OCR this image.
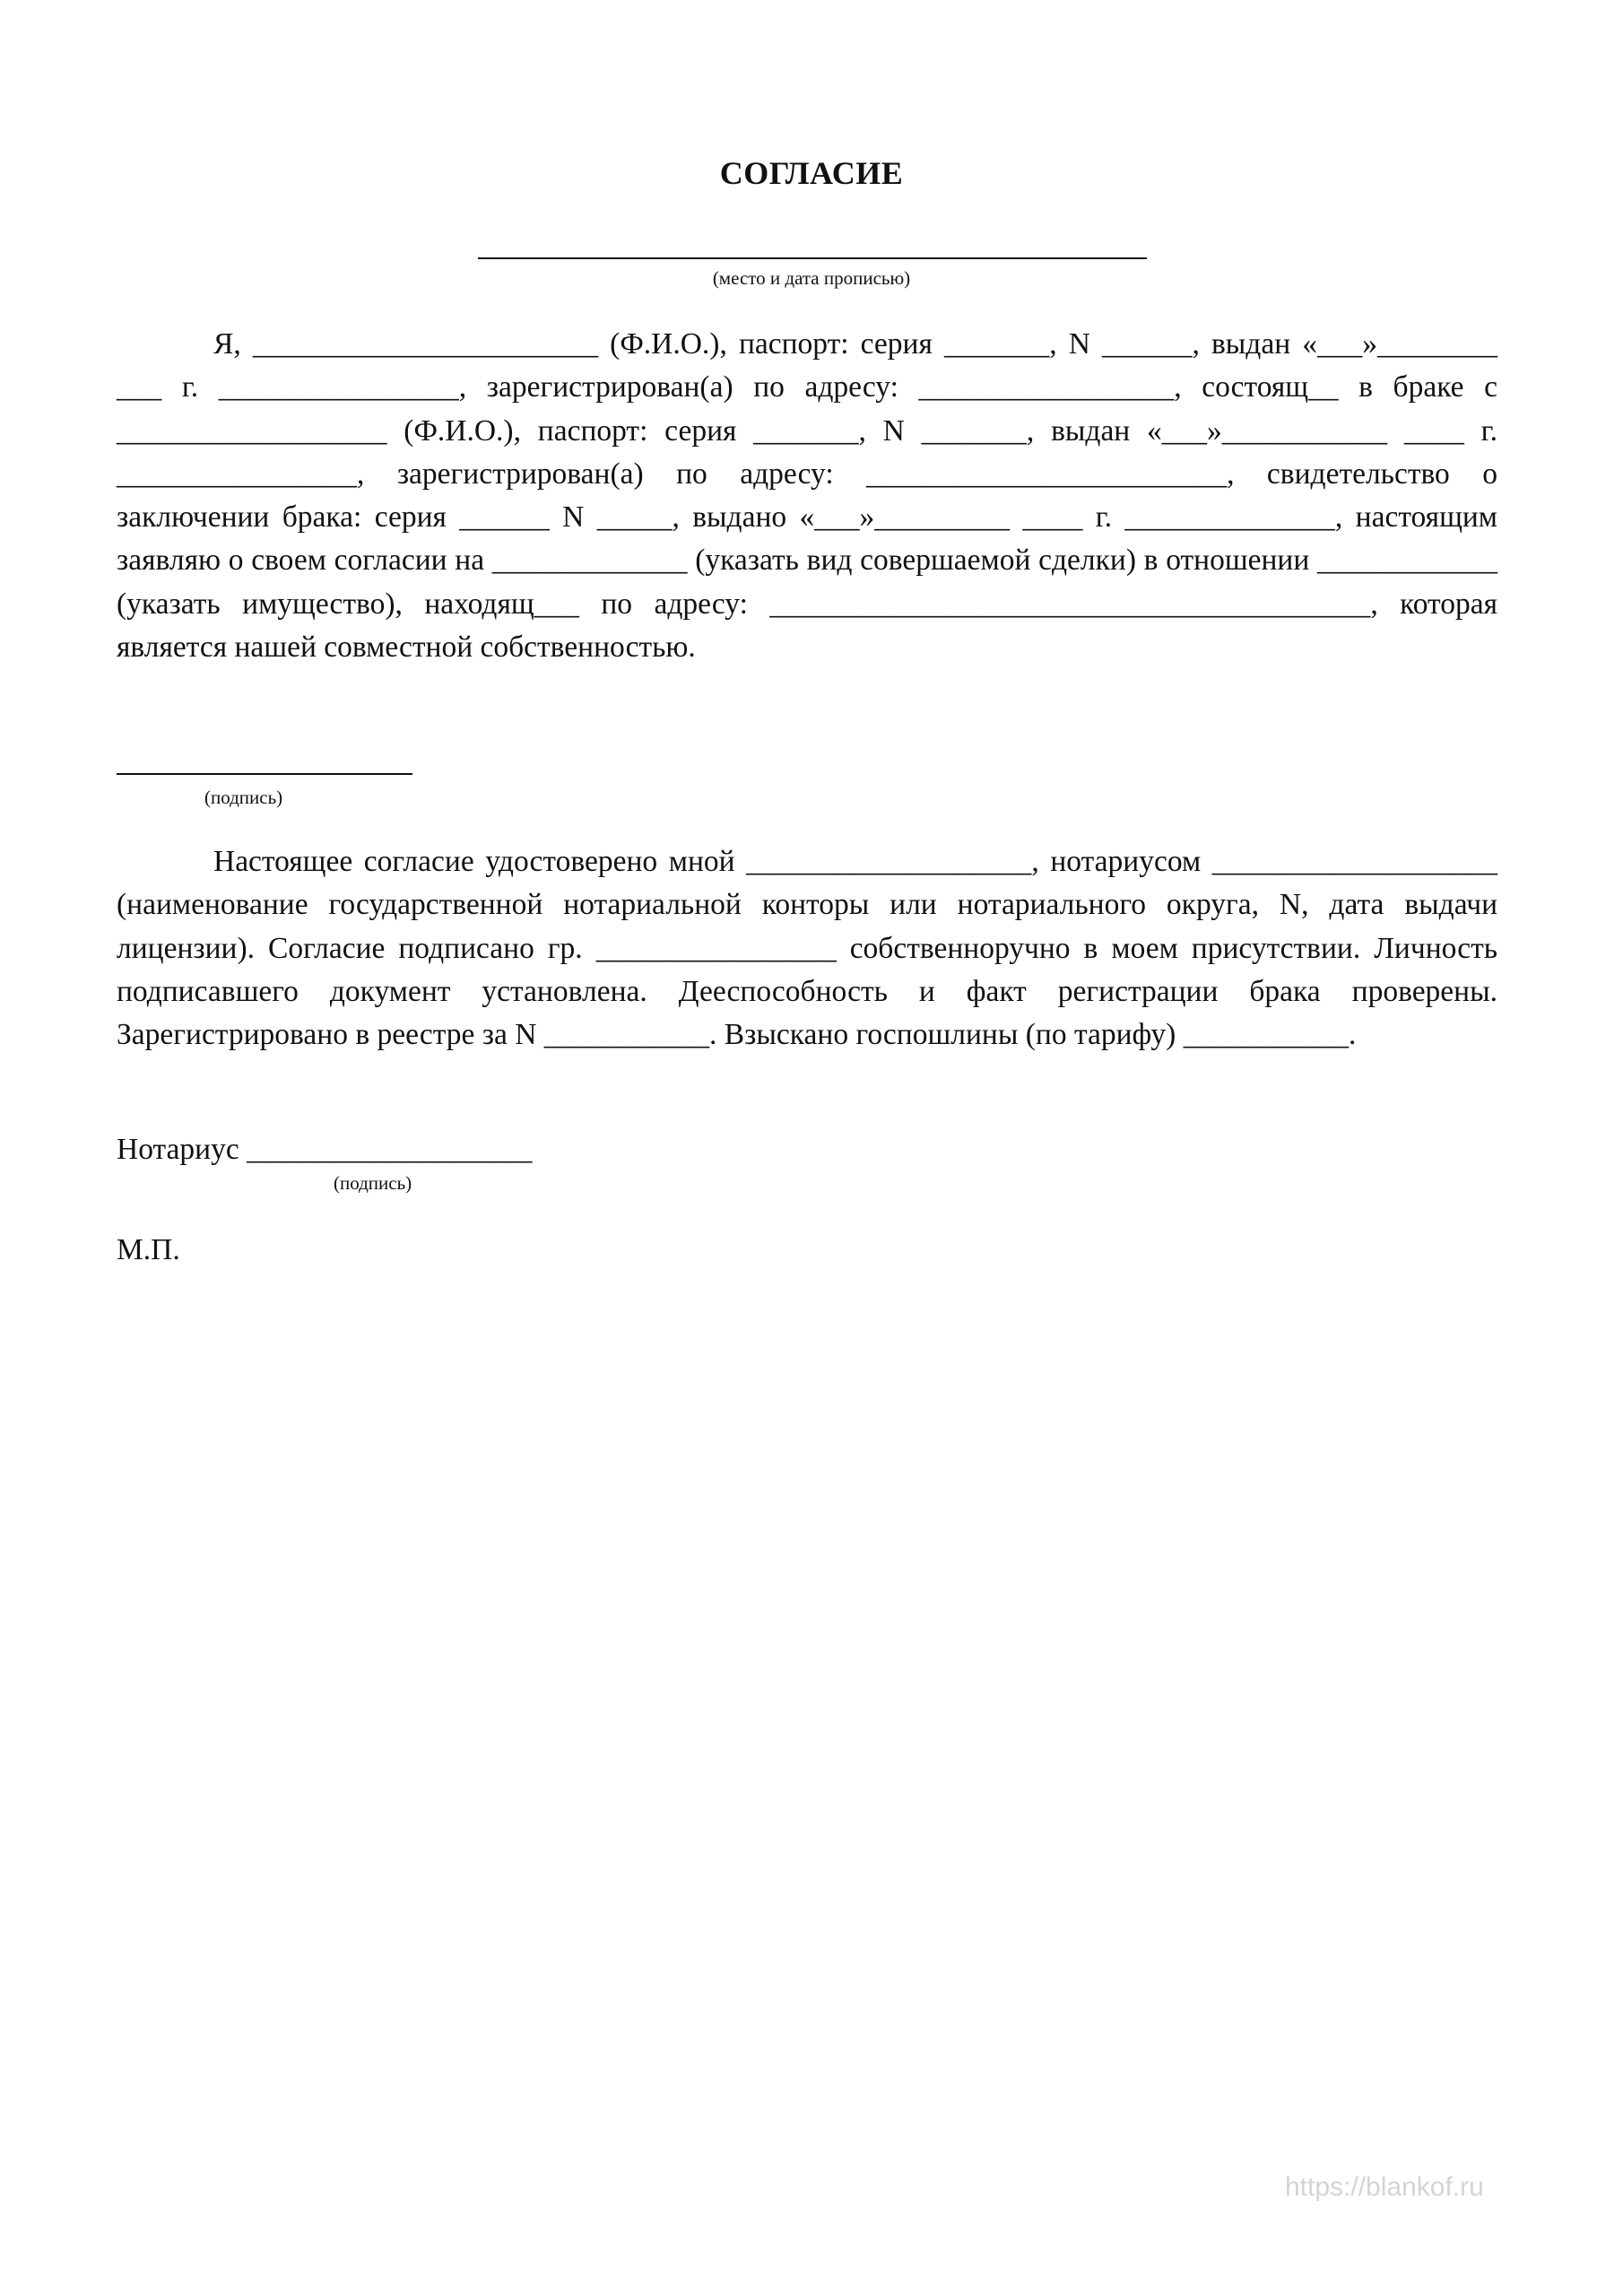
СОГЛАСИЕ
(место и дата прописью)
Я, _______________________ (Ф.И.О.), паспорт: серия _______, N ______, выдан «___»________ ___ г. ________________, зарегистрирован(а) по адресу: _________________, состоящ__ в браке с __________________ (Ф.И.О.), паспорт: серия _______, N _______, выдан «___»___________ ____ г. ________________, зарегистрирован(а) по адресу: ________________________, свидетельство о заключении брака: серия ______ N _____, выдано «___»_________ ____ г. ______________, настоящим заявляю о своем согласии на _____________ (указать вид совершаемой сделки) в отношении ____________ (указать имущество), находящ___ по адресу: ________________________________________, которая является нашей совместной собственностью.
(подпись)
Настоящее согласие удостоверено мной ___________________, нотариусом ___________________ (наименование государственной нотариальной конторы или нотариального округа, N, дата выдачи лицензии). Согласие подписано гр. ________________ собственноручно в моем присутствии. Личность подписавшего документ установлена. Дееспособность и факт регистрации брака проверены. Зарегистрировано в реестре за N ___________. Взыскано госпошлины (по тарифу) ___________.
Нотариус ___________________
(подпись)
М.П.
https://blankof.ru
